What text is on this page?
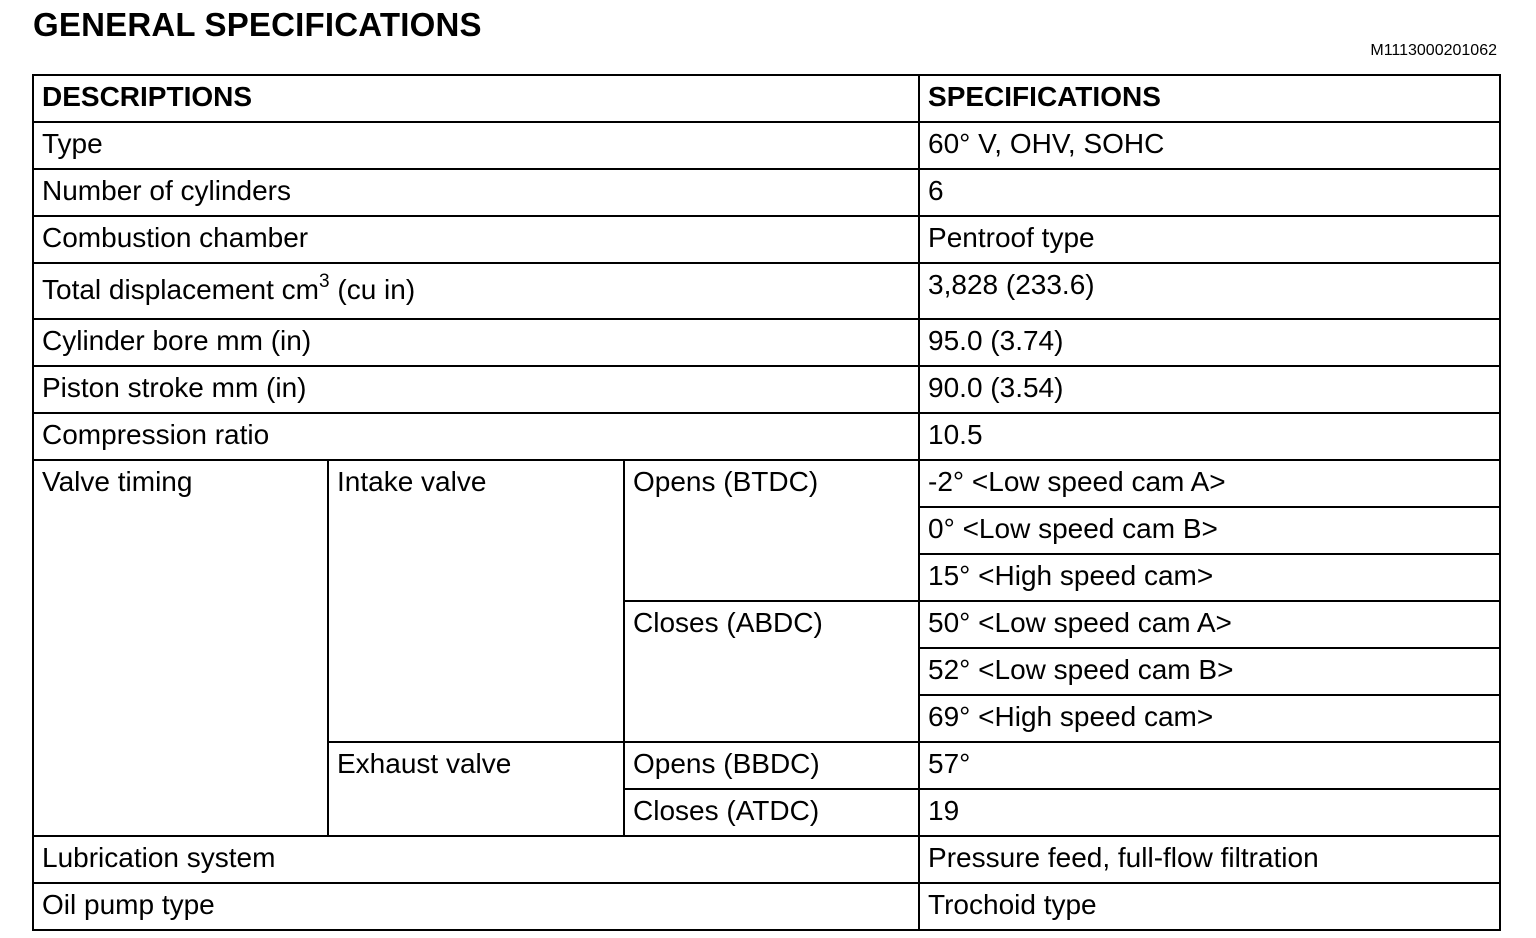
GENERAL SPECIFICATIONS
M1113000201062
DESCRIPTIONS			SPECIFICATIONS
Type			60° V, OHV, SOHC
Number of cylinders			6
Combustion chamber			Pentroof type
Total displacement $cm^3$ (cu in)			3,828 (233.6)
Cylinder bore mm (in)			95.0 (3.74)
Piston stroke mm (in)			90.0 (3.54)
Compression ratio			10.5
Valve timing	Intake valve	Opens (BTDC)	-2° <Low speed cam A>
			0° <Low speed cam B>
			15° <High speed cam>
		Closes (ABDC)	50° <Low speed cam A>
			52° <Low speed cam B>
			69° <High speed cam>
	Exhaust valve	Opens (BBDC)	57°
		Closes (ATDC)	19
Lubrication system			Pressure feed, full-flow filtration
Oil pump type			Trochoid type
